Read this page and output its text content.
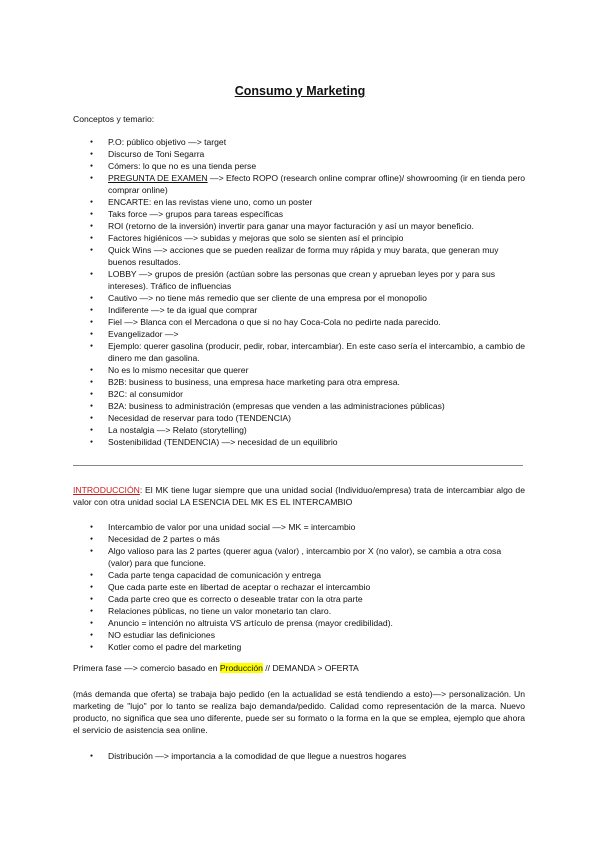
Consumo y Marketing
Conceptos y temario:
● P.O: público objetivo —> target
● Discurso de Toni Segarra
● Cómers: lo que no es una tienda perse
● PREGUNTA DE EXAMEN —> Efecto ROPO (research online comprar ofline)/ showrooming (ir en tienda pero comprar online)
● ENCARTE: en las revistas viene uno, como un poster
● Taks force —> grupos para tareas específicas
● ROI (retorno de la inversión) invertir para ganar una mayor facturación y así un mayor beneficio.
● Factores higiénicos —> subidas y mejoras que solo se sienten así el principio
● Quick Wins —> acciones que se pueden realizar de forma muy rápida y muy barata, que generan muy buenos resultados.
● LOBBY —> grupos de presión (actúan sobre las personas que crean y aprueban leyes por y para sus intereses). Tráfico de influencias
● Cautivo —> no tiene más remedio que ser cliente de una empresa por el monopolio
● Indiferente —> te da igual que comprar
● Fiel —> Blanca con el Mercadona o que si no hay Coca-Cola no pedirte nada parecido.
● Evangelizador —>
● Ejemplo: querer gasolina (producir, pedir, robar, intercambiar). En este caso sería el intercambio, a cambio de dinero me dan gasolina.
● No es lo mismo necesitar que querer
● B2B: business to business, una empresa hace marketing para otra empresa.
● B2C: al consumidor
● B2A: business to administración (empresas que venden a las administraciones públicas)
● Necesidad de reservar para todo (TENDENCIA)
● La nostalgia —> Relato (storytelling)
● Sostenibilidad (TENDENCIA) —> necesidad de un equilibrio
INTRODUCCIÓN: El MK tiene lugar siempre que una unidad social (Individuo/empresa) trata de intercambiar algo de valor con otra unidad social LA ESENCIA DEL MK ES EL INTERCAMBIO
● Intercambio de valor por una unidad social —> MK = intercambio
● Necesidad de 2 partes o más
● Algo valioso para las 2 partes (querer agua (valor) , intercambio por X (no valor), se cambia a otra cosa (valor) para que funcione.
● Cada parte tenga capacidad de comunicación y entrega
● Que cada parte este en libertad de aceptar o rechazar el intercambio
● Cada parte creo que es correcto o deseable tratar con la otra parte
● Relaciones públicas, no tiene un valor monetario tan claro.
● Anuncio = intención no altruista VS artículo de prensa (mayor credibilidad).
● NO estudiar las definiciones
● Kotler como el padre del marketing
Primera fase —> comercio basado en Producción // DEMANDA > OFERTA
(más demanda que oferta) se trabaja bajo pedido (en la actualidad se está tendiendo a esto)—> personalización. Un marketing de "lujo" por lo tanto se realiza bajo demanda/pedido. Calidad como representación de la marca. Nuevo producto, no significa que sea uno diferente, puede ser su formato o la forma en la que se emplea, ejemplo que ahora el servicio de asistencia sea online.
● Distribución —> importancia a la comodidad de que llegue a nuestros hogares
